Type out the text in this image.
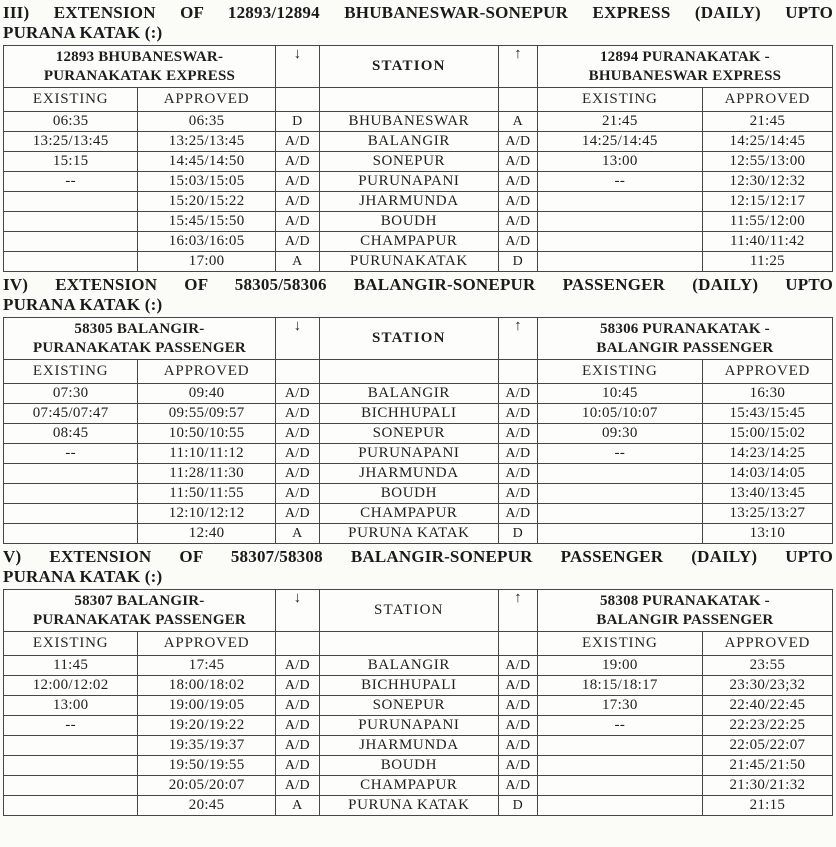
III) EXTENSION OF 12893/12894 BHUBANESWAR-SONEPUR EXPRESS (DAILY) UPTO
PURANA KATAK (:)

12893 BHUBANESWAR-
PURANAKATAK EXPRESS		↓	STATION	↑	12894 PURANAKATAK -
BHUBANESWAR EXPRESS	

EXISTING	APPROVED				EXISTING	APPROVED
06:35	06:35	D	BHUBANESWAR	A	21:45	21:45
13:25/13:45	13:25/13:45	A/D	BALANGIR	A/D	14:25/14:45	14:25/14:45
15:15	14:45/14:50	A/D	SONEPUR	A/D	13:00	12:55/13:00
--	15:03/15:05	A/D	PURUNAPANI	A/D	--	12:30/12:32
	15:20/15:22	A/D	JHARMUNDA	A/D		12:15/12:17
	15:45/15:50	A/D	BOUDH	A/D		11:55/12:00
	16:03/16:05	A/D	CHAMPAPUR	A/D		11:40/11:42
	17:00	A	PURUNAKATAK	D		11:25

IV) EXTENSION OF 58305/58306 BALANGIR-SONEPUR PASSENGER (DAILY) UPTO
PURANA KATAK (:)

58305 BALANGIR-
PURANAKATAK PASSENGER		↓	STATION	↑	58306 PURANAKATAK -
BALANGIR PASSENGER	

EXISTING	APPROVED				EXISTING	APPROVED
07:30	09:40	A/D	BALANGIR	A/D	10:45	16:30
07:45/07:47	09:55/09:57	A/D	BICHHUPALI	A/D	10:05/10:07	15:43/15:45
08:45	10:50/10:55	A/D	SONEPUR	A/D	09:30	15:00/15:02
--	11:10/11:12	A/D	PURUNAPANI	A/D	--	14:23/14:25
	11:28/11:30	A/D	JHARMUNDA	A/D		14:03/14:05
	11:50/11:55	A/D	BOUDH	A/D		13:40/13:45
	12:10/12:12	A/D	CHAMPAPUR	A/D		13:25/13:27
	12:40	A	PURUNA KATAK	D		13:10

V) EXTENSION OF 58307/58308 BALANGIR-SONEPUR PASSENGER (DAILY) UPTO
PURANA KATAK (:)

58307 BALANGIR-
PURANAKATAK PASSENGER		↓	STATION	↑	58308 PURANAKATAK -
BALANGIR PASSENGER	

EXISTING	APPROVED				EXISTING	APPROVED
11:45	17:45	A/D	BALANGIR	A/D	19:00	23:55
12:00/12:02	18:00/18:02	A/D	BICHHUPALI	A/D	18:15/18:17	23:30/23;32
13:00	19:00/19:05	A/D	SONEPUR	A/D	17:30	22:40/22:45
--	19:20/19:22	A/D	PURUNAPANI	A/D	--	22:23/22:25
	19:35/19:37	A/D	JHARMUNDA	A/D		22:05/22:07
	19:50/19:55	A/D	BOUDH	A/D		21:45/21:50
	20:05/20:07	A/D	CHAMPAPUR	A/D		21:30/21:32
	20:45	A	PURUNA KATAK	D		21:15
